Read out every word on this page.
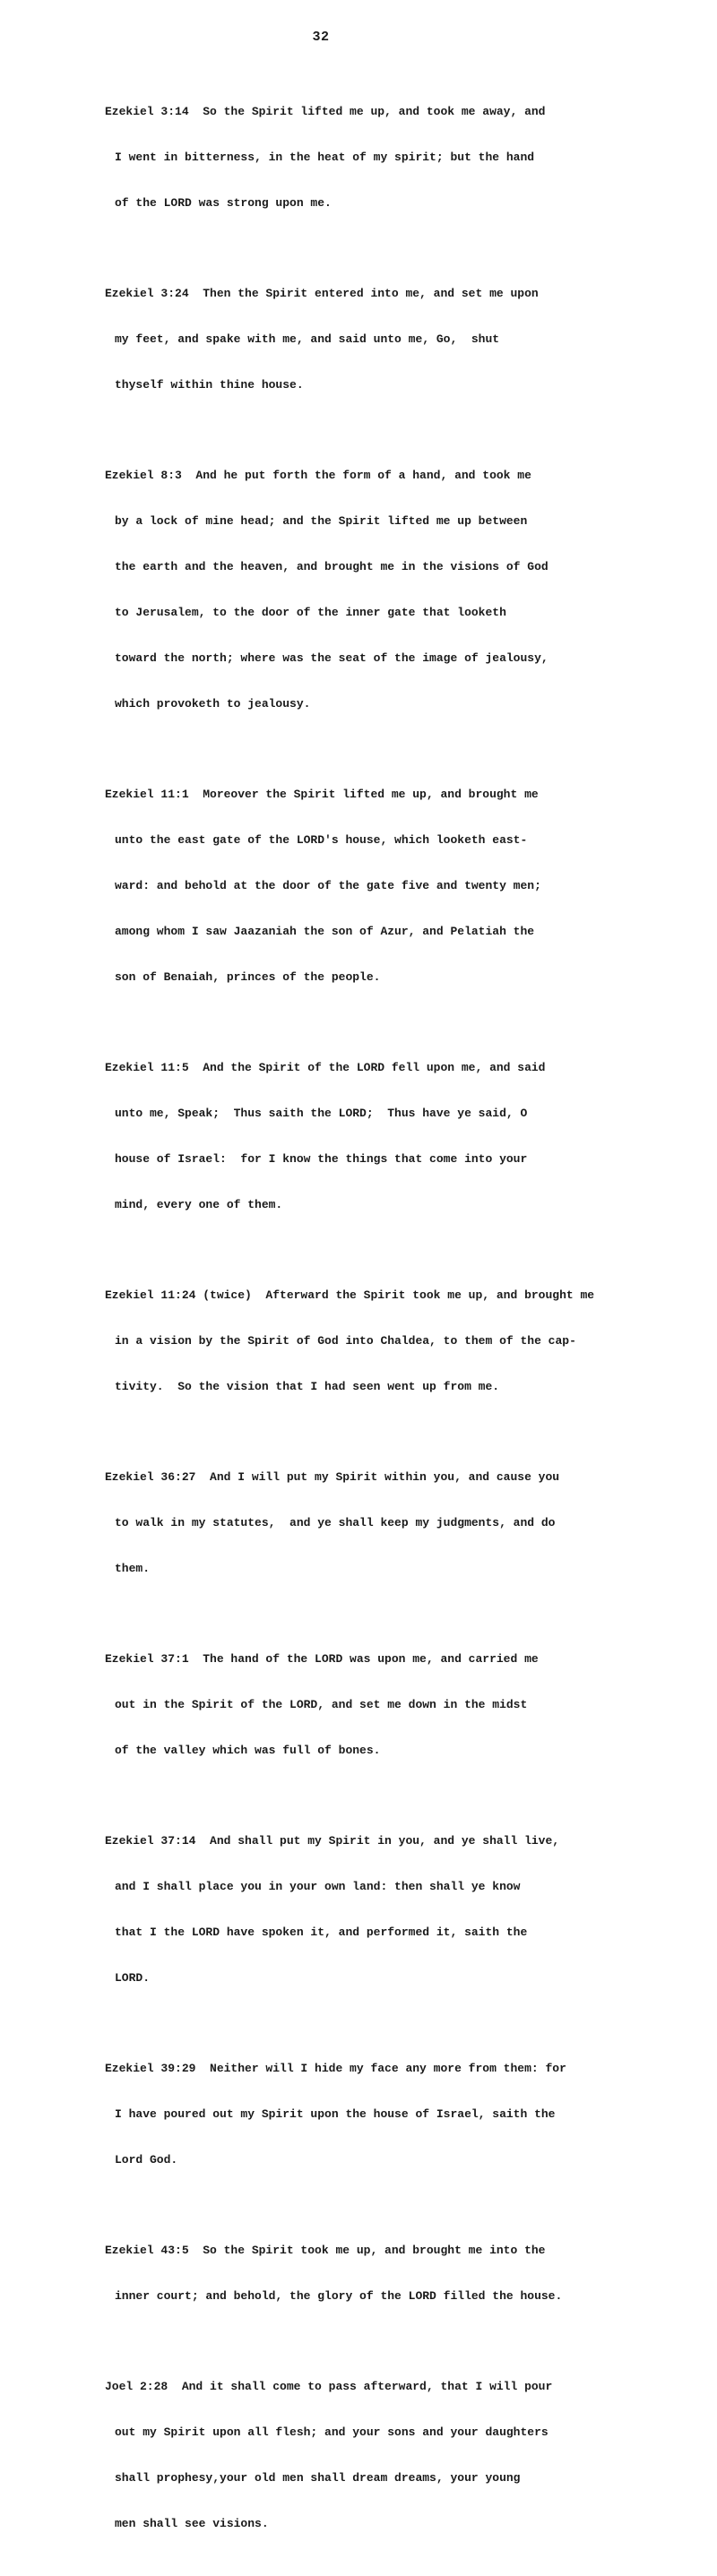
32

Ezekiel 3:14  So the Spirit lifted me up, and took me away, and

I went in bitterness, in the heat of my spirit; but the hand

of the LORD was strong upon me.

Ezekiel 3:24  Then the Spirit entered into me, and set me upon

my feet, and spake with me, and said unto me, Go,  shut

thyself within thine house.

Ezekiel 8:3  And he put forth the form of a hand, and took me

by a lock of mine head; and the Spirit lifted me up between

the earth and the heaven, and brought me in the visions of God

to Jerusalem, to the door of the inner gate that looketh

toward the north; where was the seat of the image of jealousy,

which provoketh to jealousy.

Ezekiel 11:1  Moreover the Spirit lifted me up, and brought me

unto the east gate of the LORD's house, which looketh east-

ward: and behold at the door of the gate five and twenty men;

among whom I saw Jaazaniah the son of Azur, and Pelatiah the

son of Benaiah, princes of the people.

Ezekiel 11:5  And the Spirit of the LORD fell upon me, and said

unto me, Speak;  Thus saith the LORD;  Thus have ye said, O

house of Israel:  for I know the things that come into your

mind, every one of them.

Ezekiel 11:24 (twice)  Afterward the Spirit took me up, and brought me

in a vision by the Spirit of God into Chaldea, to them of the cap-

tivity.  So the vision that I had seen went up from me.

Ezekiel 36:27  And I will put my Spirit within you, and cause you

to walk in my statutes,  and ye shall keep my judgments, and do

them.

Ezekiel 37:1  The hand of the LORD was upon me, and carried me

out in the Spirit of the LORD, and set me down in the midst

of the valley which was full of bones.

Ezekiel 37:14  And shall put my Spirit in you, and ye shall live,

and I shall place you in your own land: then shall ye know

that I the LORD have spoken it, and performed it, saith the

LORD.

Ezekiel 39:29  Neither will I hide my face any more from them: for

I have poured out my Spirit upon the house of Israel, saith the

Lord God.

Ezekiel 43:5  So the Spirit took me up, and brought me into the

inner court; and behold, the glory of the LORD filled the house.

Joel 2:28  And it shall come to pass afterward, that I will pour

out my Spirit upon all flesh; and your sons and your daughters

shall prophesy,your old men shall dream dreams, your young

men shall see visions.
